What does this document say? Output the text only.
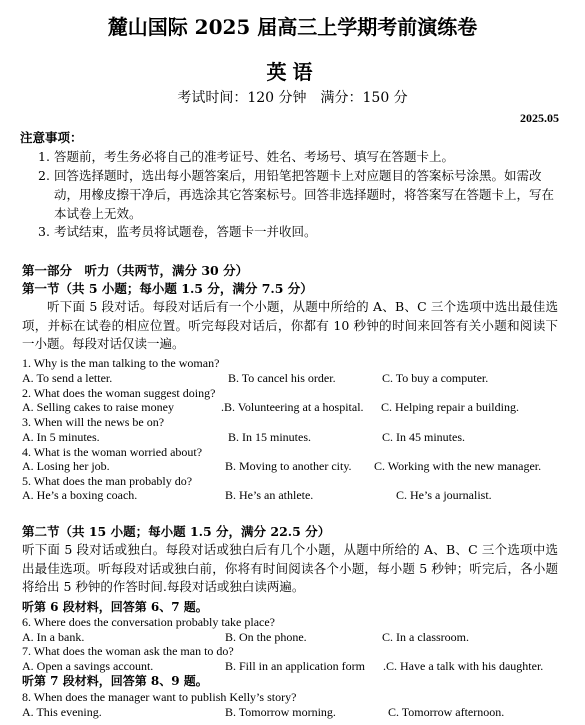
麓山国际 2025 届高三上学期考前演练卷
英语
考试时间：120 分钟　满分：150 分
2025.05
注意事项：
1. 答题前，考生务必将自己的准考证号、姓名、考场号、填写在答题卡上。
2. 回答选择题时，选出每小题答案后，用铅笔把答题卡上对应题目的答案标号涂黑。如需改动，用橡皮擦干净后，再选涂其它答案标号。回答非选择题时，将答案写在答题卡上，写在本试卷上无效。
3. 考试结束，监考员将试题卷，答题卡一并收回。
第一部分　听力（共两节，满分 30 分）
第一节（共 5 小题；每小题 1.5 分，满分 7.5 分）
听下面 5 段对话。每段对话后有一个小题，从题中所给的 A、B、C 三个选项中选出最佳选项，并标在试卷的相应位置。听完每段对话后，你都有 10 秒钟的时间来回答有关小题和阅读下一小题。每段对话仅读一遍。
1. Why is the man talking to the woman?
A. To send a letter.	B. To cancel his order.	C. To buy a computer.
2. What does the woman suggest doing?
A. Selling cakes to raise money	.B. Volunteering at a hospital. C. Helping repair a building.
3. When will the news be on?
A. In 5 minutes.	B. In 15 minutes.	C. In 45 minutes.
4. What is the woman worried about?
A. Losing her job.	B. Moving to another city. C. Working with the new manager.
5. What does the man probably do?
A. He’s a boxing coach.	B. He’s an athlete.	C. He’s a journalist.
第二节（共 15 小题；每小题 1.5 分，满分 22.5 分）
听下面 5 段对话或独白。每段对话或独白后有几个小题，从题中所给的 A、B、C 三个选项中选出最佳选项。听每段对话或独白前，你将有时间阅读各个小题，每小题 5 秒钟；听完后，各小题将给出 5 秒钟的作答时间.每段对话或独白读两遍。
听第 6 段材料，回答第 6、7 题。
6. Where does the conversation probably take place?
A. In a bank.	B. On the phone.	C. In a classroom.
7. What does the woman ask the man to do?
A. Open a savings account.	B. Fill in an application form .C. Have a talk with his daughter.
听第 7 段材料，回答第 8、9 题。
8. When does the manager want to publish Kelly’s story?
A. This evening.	B. Tomorrow morning.	C. Tomorrow afternoon.
